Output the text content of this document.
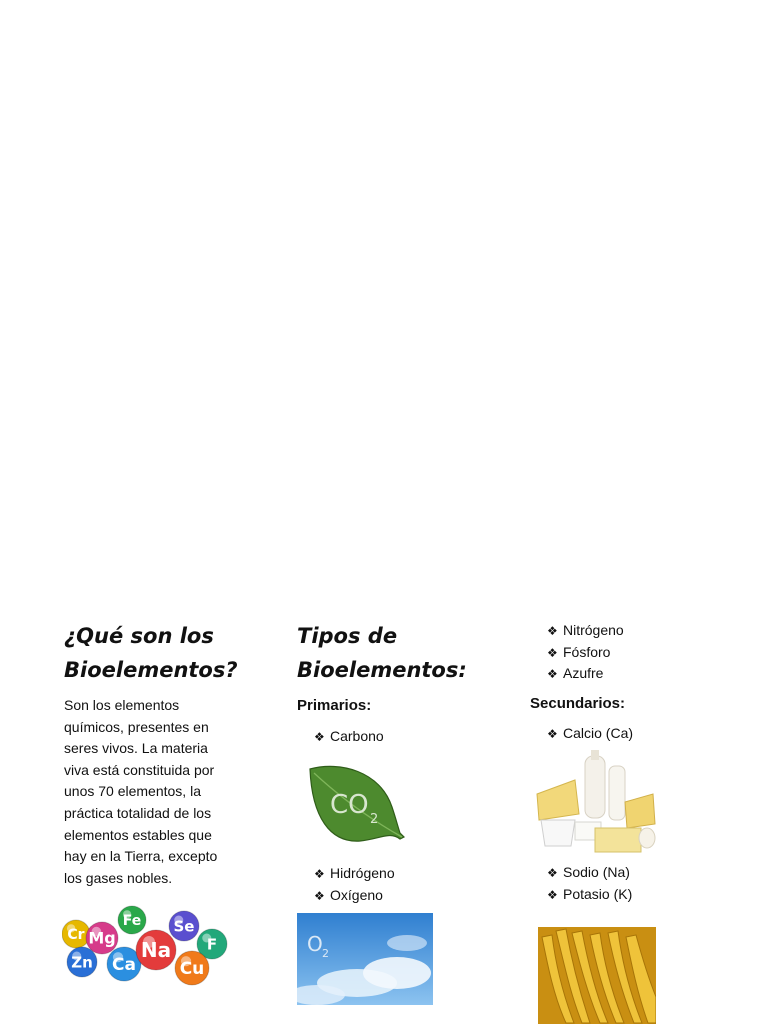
¿Qué son los
Bioelementos?

Son los elementos
químicos, presentes en
seres vivos. La materia
viva está constituida por
unos 70 elementos, la
práctica totalidad de los
elementos estables que
hay en la Tierra, excepto
los gases nobles.

Cr Mg
Fe Se
F
Zn Ca
Na
Cu
Tipos de
Bioelementos:
Primarios:
❖ Carbono
CO 2
❖ Hidrógeno
❖ Oxígeno
O 2
❖ Nitrógeno
❖ Fósforo
❖ Azufre
Secundarios:
❖ Calcio (Ca)
❖ Sodio (Na)
❖ Potasio (K)
